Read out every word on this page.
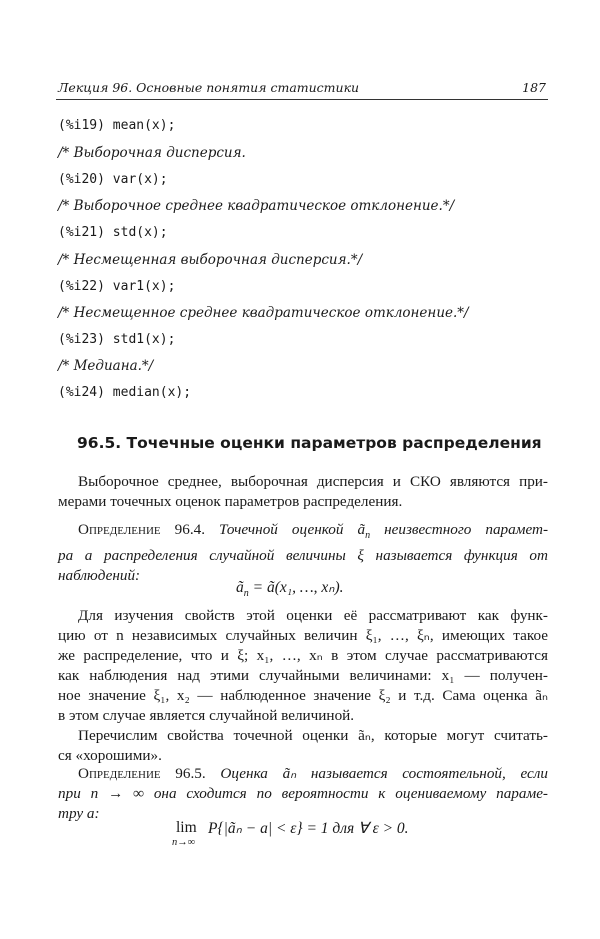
Лекция 96. Основные понятия статистики	187
(%i19) mean(x);
/* Выборочная дисперсия.
(%i20) var(x);
/* Выборочное среднее квадратическое отклонение.*/
(%i21) std(x);
/* Несмещенная выборочная дисперсия.*/
(%i22) var1(x);
/* Несмещенное среднее квадратическое отклонение.*/
(%i23) std1(x);
/* Медиана.*/
(%i24) median(x);
96.5. Точечные оценки параметров распределения
Выборочное среднее, выборочная дисперсия и СКО являются при-
мерами точечных оценок параметров распределения.
Определение 96.4. Точечной оценкой $ã_n$ неизвестного парамет-
ра a распределения случайной величины ξ называется функция от
наблюдений:
$ã_n$ = ã(x₁, …, xₙ).
Для изучения свойств этой оценки её рассматривают как функ-
цию от n независимых случайных величин ξ₁, …, ξₙ, имеющих такое
же распределение, что и ξ; x₁, …, xₙ в этом случае рассматриваются
как наблюдения над этими случайными величинами: x₁ — получен-
ное значение ξ₁, x₂ — наблюденное значение ξ₂ и т.д. Сама оценка ãₙ
в этом случае является случайной величиной.
Перечислим свойства точечной оценки ãₙ, которые могут считать-
ся «хорошими».
Определение 96.5. Оценка ãₙ называется состоятельной, если
при n → ∞ она сходится по вероятности к оцениваемому параме-
тру a:
lim
n→∞
P{|ãₙ − a| < ε} = 1 для ∀ ε > 0.
